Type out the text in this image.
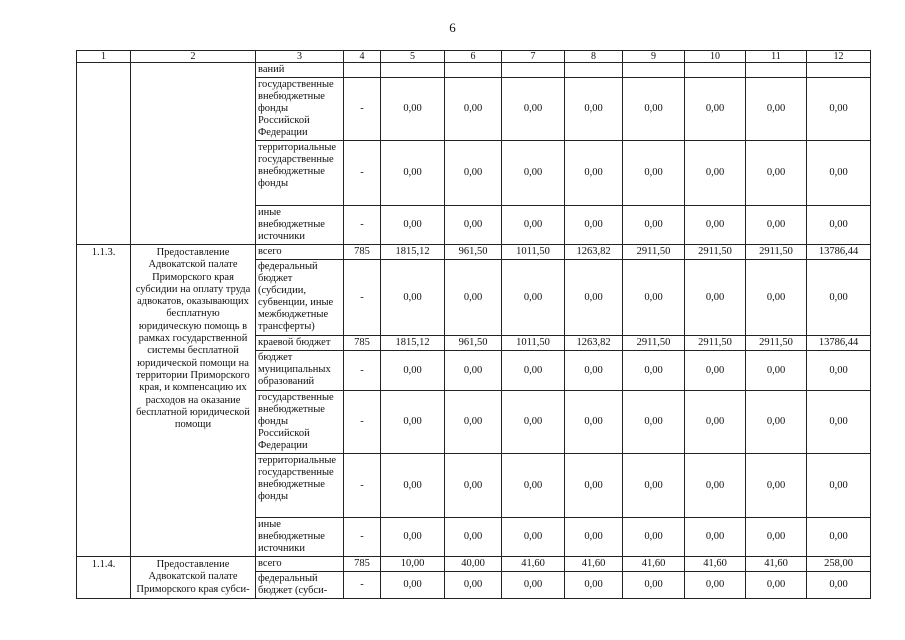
6
1	2	3	4	5	6	7	8	9	10	11	12
		ваний									
		государственные внебюджетные фонды Российской Федерации	-	0,00	0,00	0,00	0,00	0,00	0,00	0,00	0,00
		территориальные государственные внебюджетные фонды	-	0,00	0,00	0,00	0,00	0,00	0,00	0,00	0,00
		иные внебюджетные источники	-	0,00	0,00	0,00	0,00	0,00	0,00	0,00	0,00
1.1.3.	Предоставление Адвокатской палате Приморского края субсидии на оплату труда адвокатов, оказывающих бесплатную юридическую помощь в рамках государственной системы бесплатной юридической помощи на территории Приморского края, и компенсацию их расходов на оказание бесплатной юридической помощи	всего	785	1815,12	961,50	1011,50	1263,82	2911,50	2911,50	2911,50	13786,44
		федеральный бюджет (субсидии, субвенции, иные межбюджетные трансферты)	-	0,00	0,00	0,00	0,00	0,00	0,00	0,00	0,00
		краевой бюджет	785	1815,12	961,50	1011,50	1263,82	2911,50	2911,50	2911,50	13786,44
		бюджет муниципальных образований	-	0,00	0,00	0,00	0,00	0,00	0,00	0,00	0,00
		государственные внебюджетные фонды Российской Федерации	-	0,00	0,00	0,00	0,00	0,00	0,00	0,00	0,00
		территориальные государственные внебюджетные фонды	-	0,00	0,00	0,00	0,00	0,00	0,00	0,00	0,00
		иные внебюджетные источники	-	0,00	0,00	0,00	0,00	0,00	0,00	0,00	0,00
1.1.4.	Предоставление Адвокатской палате Приморского края субси-	всего	785	10,00	40,00	41,60	41,60	41,60	41,60	41,60	258,00
		федеральный бюджет (субси-	-	0,00	0,00	0,00	0,00	0,00	0,00	0,00	0,00
